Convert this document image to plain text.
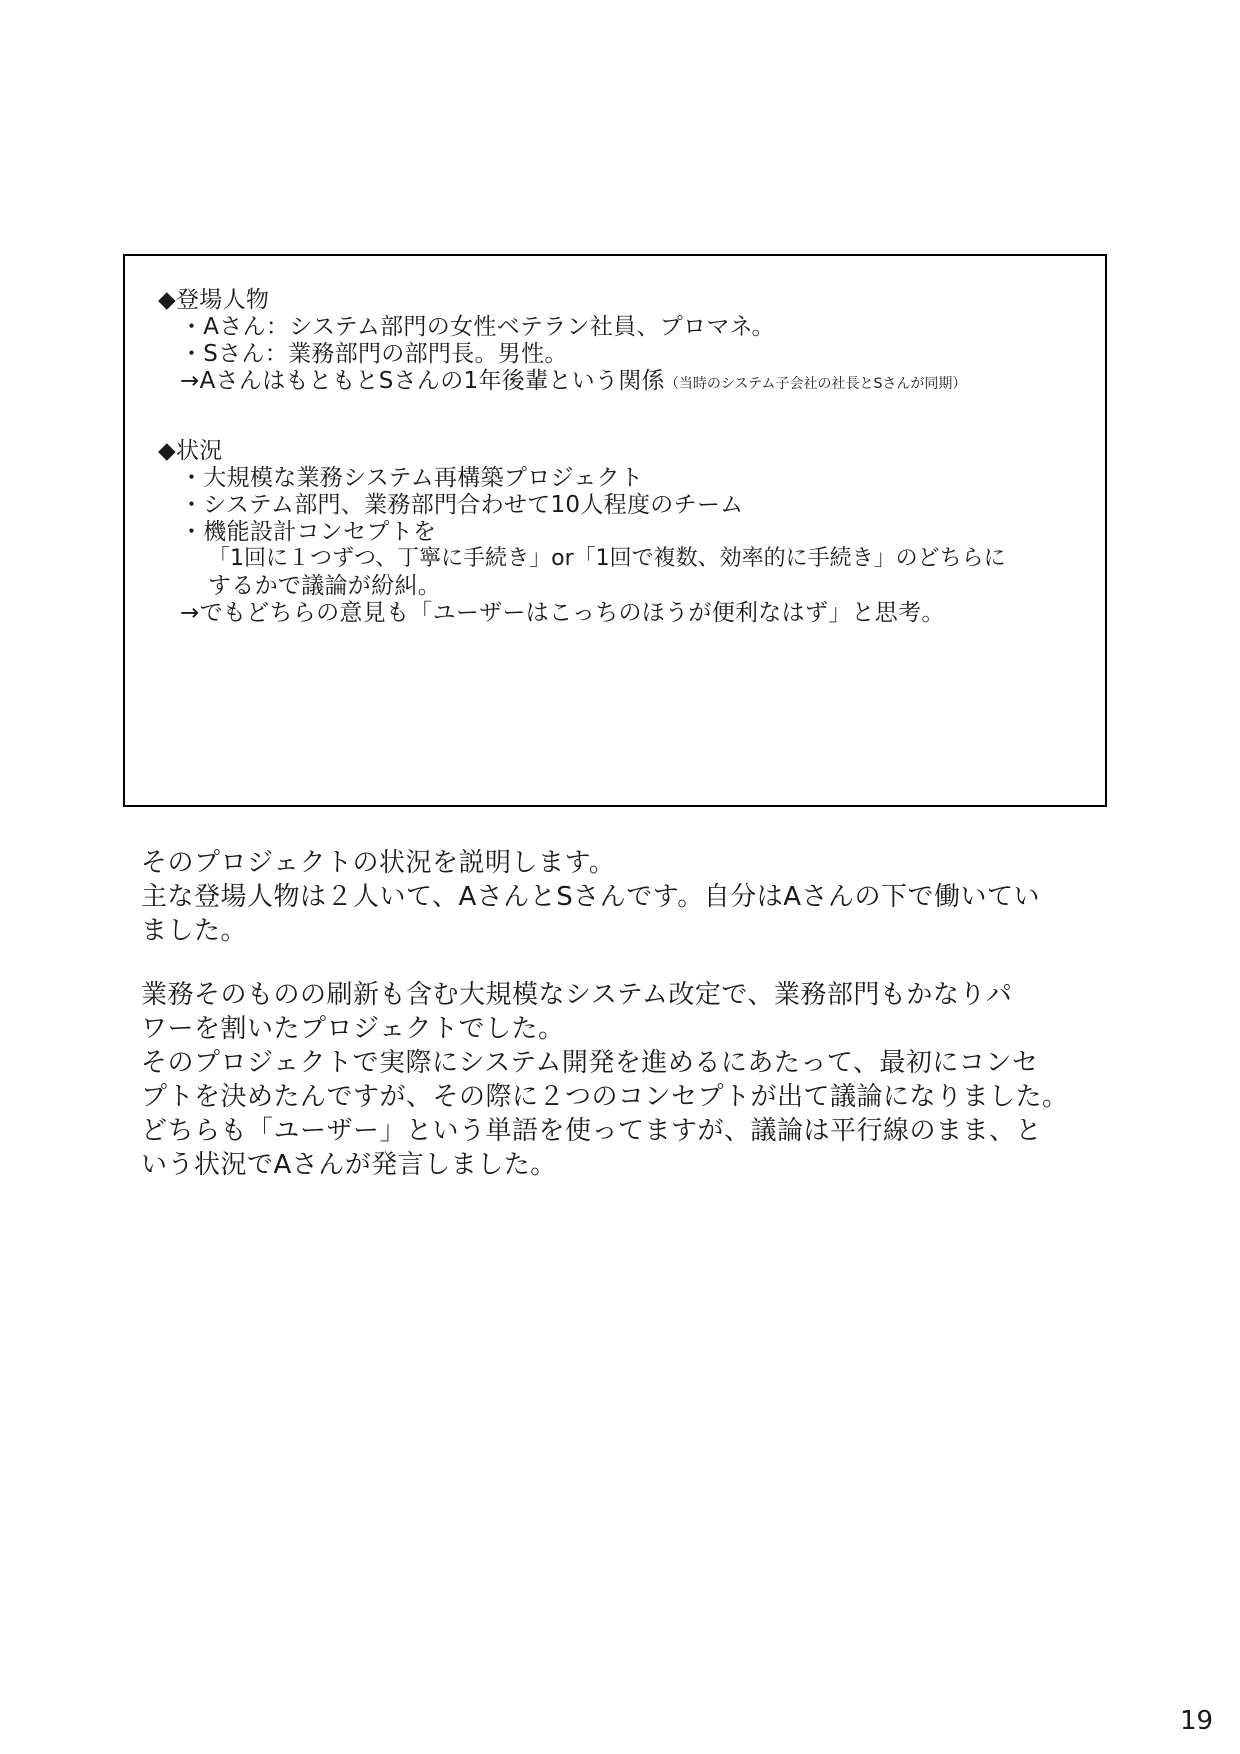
◆登場人物
・Aさん：システム部門の女性ベテラン社員、プロマネ。
・Sさん：業務部門の部門長。男性。
→AさんはもともとSさんの1年後輩という関係（当時のシステム子会社の社長とSさんが同期）
◆状況
・大規模な業務システム再構築プロジェクト
・システム部門、業務部門合わせて10人程度のチーム
・機能設計コンセプトを
「1回に１つずつ、丁寧に手続き」or「1回で複数、効率的に手続き」のどちらに
するかで議論が紛糾。
→でもどちらの意見も「ユーザーはこっちのほうが便利なはず」と思考。
そのプロジェクトの状況を説明します。
主な登場人物は２人いて、AさんとSさんです。自分はAさんの下で働いてい
ました。
業務そのものの刷新も含む大規模なシステム改定で、業務部門もかなりパ
ワーを割いたプロジェクトでした。
そのプロジェクトで実際にシステム開発を進めるにあたって、最初にコンセ
プトを決めたんですが、その際に２つのコンセプトが出て議論になりました。
どちらも「ユーザー」という単語を使ってますが、議論は平行線のまま、と
いう状況でAさんが発言しました。
19
